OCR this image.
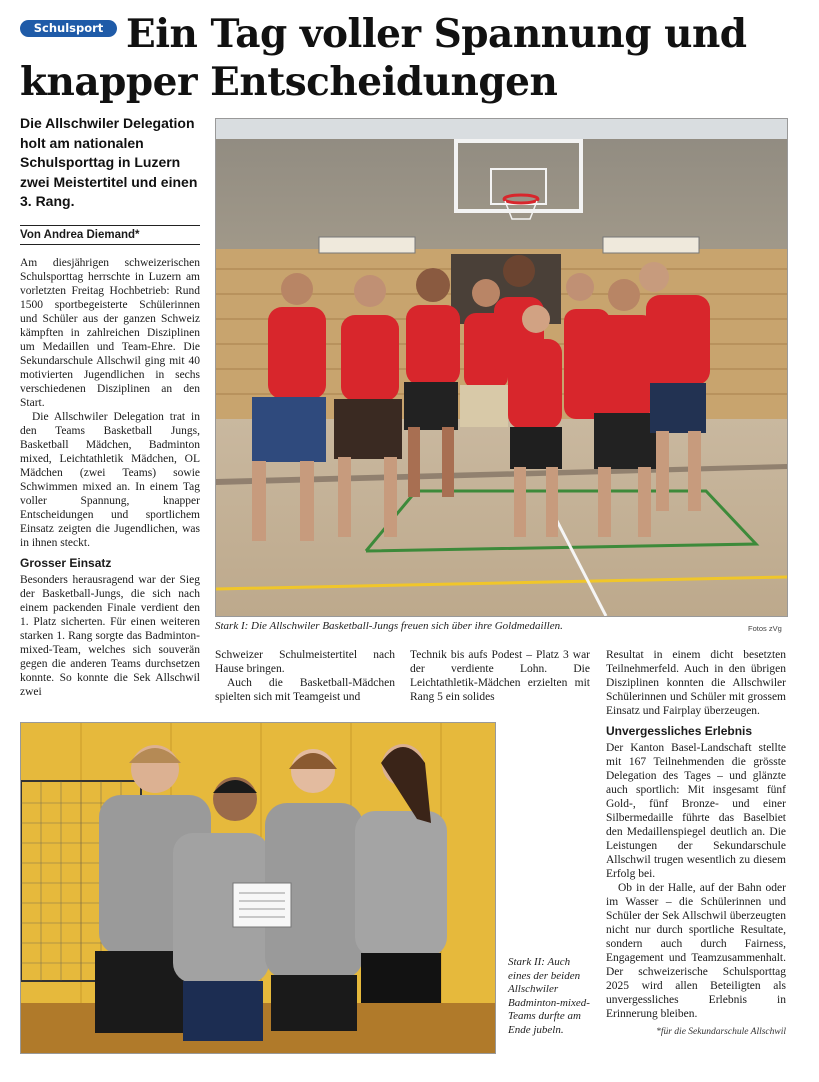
Schulsport Ein Tag voller Spannung und knapper Entscheidungen

Die Allschwiler Delegation holt am nationalen Schulsporttag in Luzern zwei Meistertitel und einen 3. Rang.

Von Andrea Diemand*

Am diesjährigen schweizerischen Schulsporttag herrschte in Luzern am vorletzten Freitag Hochbetrieb: Rund 1500 sportbegeisterte Schülerinnen und Schüler aus der ganzen Schweiz kämpften in zahlreichen Disziplinen um Medaillen und Team-Ehre. Die Sekundarschule Allschwil ging mit 40 motivierten Jugendlichen in sechs verschiedenen Disziplinen an den Start.

Die Allschwiler Delegation trat in den Teams Basketball Jungs, Basketball Mädchen, Badminton mixed, Leichtathletik Mädchen, OL Mädchen (zwei Teams) sowie Schwimmen mixed an. In einem Tag voller Spannung, knapper Entscheidungen und sportlichem Einsatz zeigten die Jugendlichen, was in ihnen steckt.

Grosser Einsatz

Besonders herausragend war der Sieg der Basketball-Jungs, die sich nach einem packenden Finale verdient den 1. Platz sicherten. Für einen weiteren starken 1. Rang sorgte das Badminton-mixed-Team, welches sich souverän gegen die anderen Teams durchsetzen konnte. So konnte die Sek Allschwil zwei

Stark I: Die Allschwiler Basketball-Jungs freuen sich über ihre Goldmedaillen.	Fotos zVg

Schweizer Schulmeistertitel nach Hause bringen.

Auch die Basketball-Mädchen spielten sich mit Teamgeist und

Technik bis aufs Podest – Platz 3 war der verdiente Lohn. Die Leichtathletik-Mädchen erzielten mit Rang 5 ein solides

Resultat in einem dicht besetzten Teilnehmerfeld. Auch in den übrigen Disziplinen konnten die Allschwiler Schülerinnen und Schüler mit grossem Einsatz und Fairplay überzeugen.

Unvergessliches Erlebnis

Der Kanton Basel-Landschaft stellte mit 167 Teilnehmenden die grösste Delegation des Tages – und glänzte auch sportlich: Mit insgesamt fünf Gold-, fünf Bronze- und einer Silbermedaille führte das Baselbiet den Medaillenspiegel deutlich an. Die Leistungen der Sekundarschule Allschwil trugen wesentlich zu diesem Erfolg bei.

Ob in der Halle, auf der Bahn oder im Wasser – die Schülerinnen und Schüler der Sek Allschwil überzeugten nicht nur durch sportliche Resultate, sondern auch durch Fairness, Engagement und Teamzusammenhalt. Der schweizerische Schulsporttag 2025 wird allen Beteiligten als unvergessliches Erlebnis in Erinnerung bleiben.

*für die Sekundarschule Allschwil
Stark II: Auch eines der beiden Allschwiler Badminton-mixed-Teams durfte am Ende jubeln.
